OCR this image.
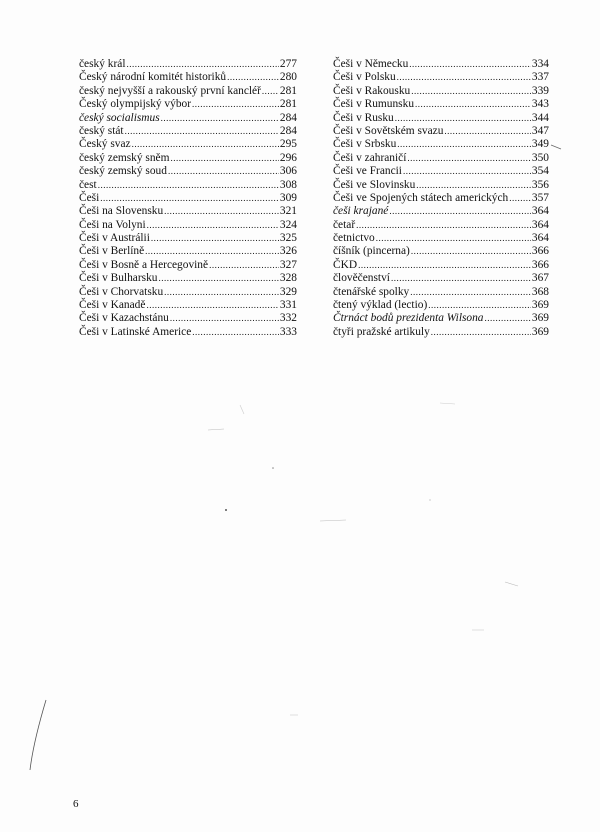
český král .....	277
Český národní komitét historiků .....	280
český nejvyšší a rakouský první kancléř ..... 281
Český olympijský výbor .....	281
český socialismus .....	284
český stát .....	284
Český svaz .....	295
český zemský sněm .....	296
český zemský soud .....	306
čest .....	308
Češi .....	309
Češi na Slovensku .....	321
Češi na Volyni .....	324
Češi v Austrálii .....	325
Češi v Berlíně .....	326
Češi v Bosně a Hercegovině .....	327
Češi v Bulharsku .....	328
Češi v Chorvatsku .....	329
Češi v Kanadě .....	331
Češi v Kazachstánu .....	332
Češi v Latinské Americe .....	333
Češi v Německu .....	334
Češi v Polsku .....	337
Češi v Rakousku .....	339
Češi v Rumunsku .....	343
Češi v Rusku .....	344
Češi v Sovětském svazu .....	347
Češi v Srbsku .....	349
Češi v zahraničí .....	350
Češi ve Francii .....	354
Češi ve Slovinsku .....	356
Češi ve Spojených státech amerických ..... 357
češi krajané .....	364
četař .....	364
četnictvo .....	364
číšník (pincerna) .....	366
ČKD .....	366
člověčenství .....	367
čtenářské spolky .....	368
čtený výklad (lectio) .....	369
Čtrnáct bodů prezidenta Wilsona .....	369
čtyři pražské artikuly .....	369
6
